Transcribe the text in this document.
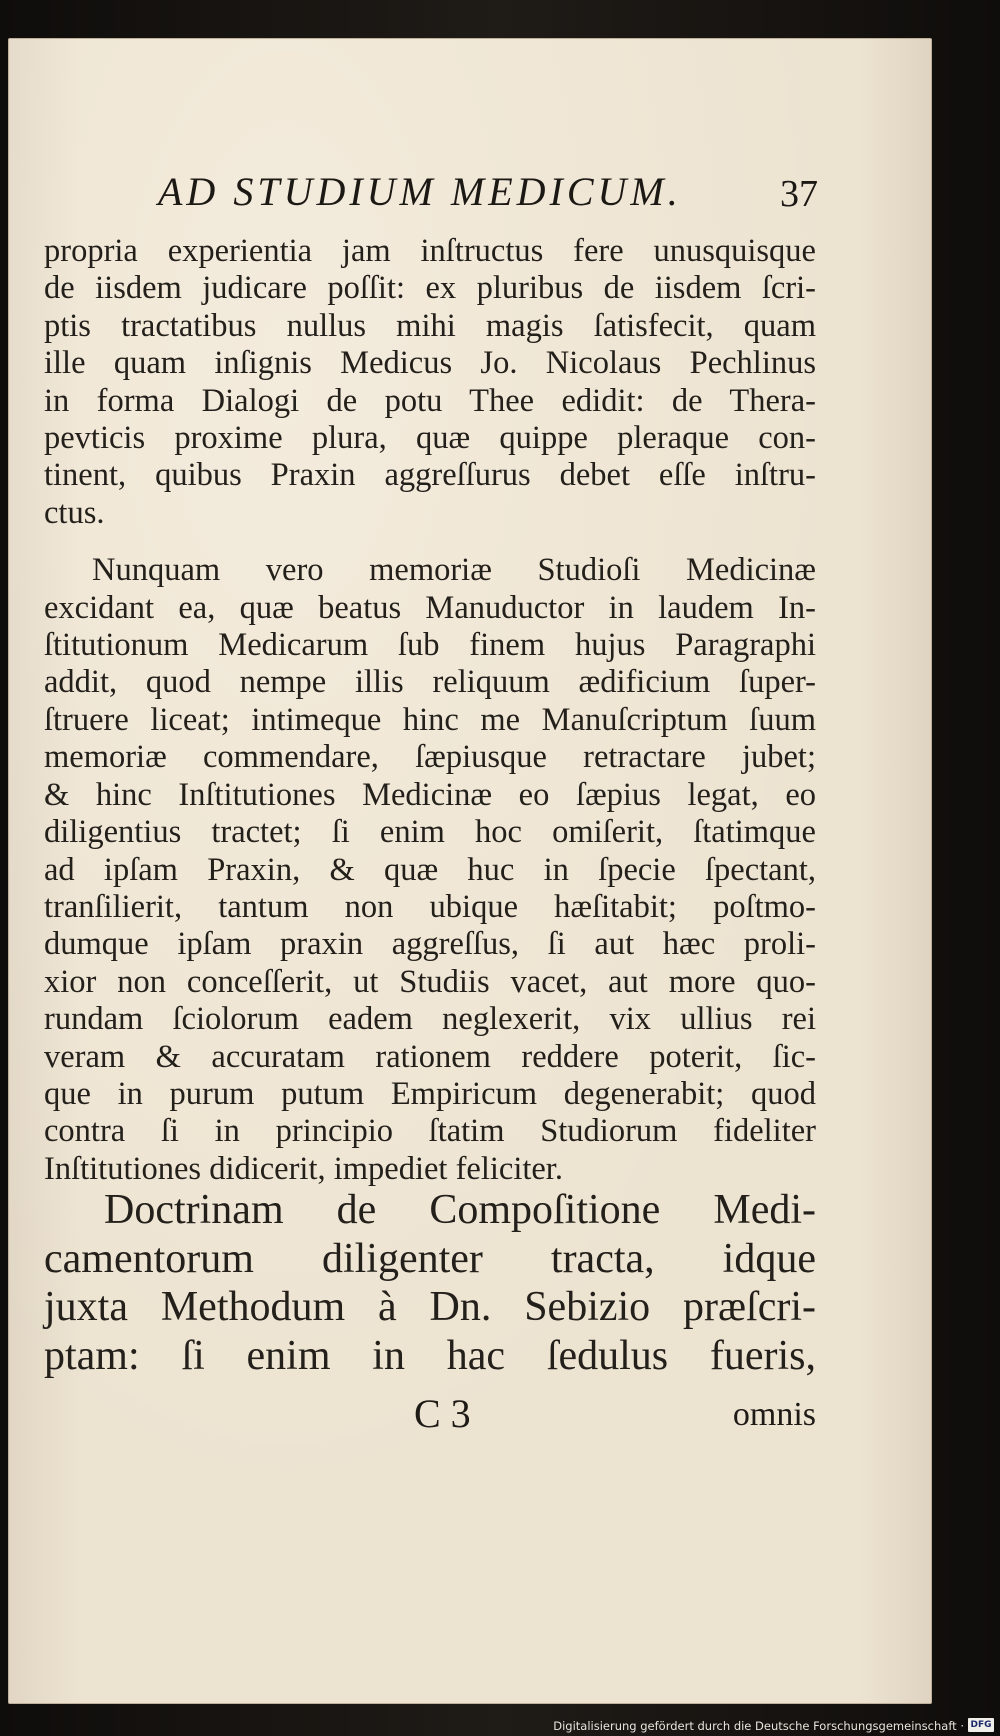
AD STUDIUM MEDICUM.	37
propria experientia jam inſtructus fere unusquisque
de iisdem judicare poſſit: ex pluribus de iisdem ſcri-
ptis tractatibus nullus mihi magis ſatisfecit, quam
ille quam inſignis Medicus Jo. Nicolaus Pechlinus
in forma Dialogi de potu Thee edidit: de Thera-
pevticis proxime plura, quæ quippe pleraque con-
tinent, quibus Praxin aggreſſurus debet eſſe inſtru-
ctus.
Nunquam vero memoriæ Studioſi Medicinæ
excidant ea, quæ beatus Manuductor in laudem In-
ſtitutionum Medicarum ſub finem hujus Paragraphi
addit, quod nempe illis reliquum ædificium ſuper-
ſtruere liceat; intimeque hinc me Manuſcriptum ſuum
memoriæ commendare, ſæpiusque retractare jubet;
& hinc Inſtitutiones Medicinæ eo ſæpius legat, eo
diligentius tractet; ſi enim hoc omiſerit, ſtatimque
ad ipſam Praxin, & quæ huc in ſpecie ſpectant,
tranſilierit, tantum non ubique hæſitabit; poſtmo-
dumque ipſam praxin aggreſſus, ſi aut hæc proli-
xior non conceſſerit, ut Studiis vacet, aut more quo-
rundam ſciolorum eadem neglexerit, vix ullius rei
veram & accuratam rationem reddere poterit, ſic-
que in purum putum Empiricum degenerabit; quod
contra ſi in principio ſtatim Studiorum fideliter
Inſtitutiones didicerit, impediet feliciter.
Doctrinam de Compoſitione Medi-
camentorum diligenter tracta, idque
juxta Methodum à Dn. Sebizio præſcri-
ptam: ſi enim in hac ſedulus fueris,
C 3	omnis
Digitalisierung gefördert durch die Deutsche Forschungsgemeinschaft · DFG
